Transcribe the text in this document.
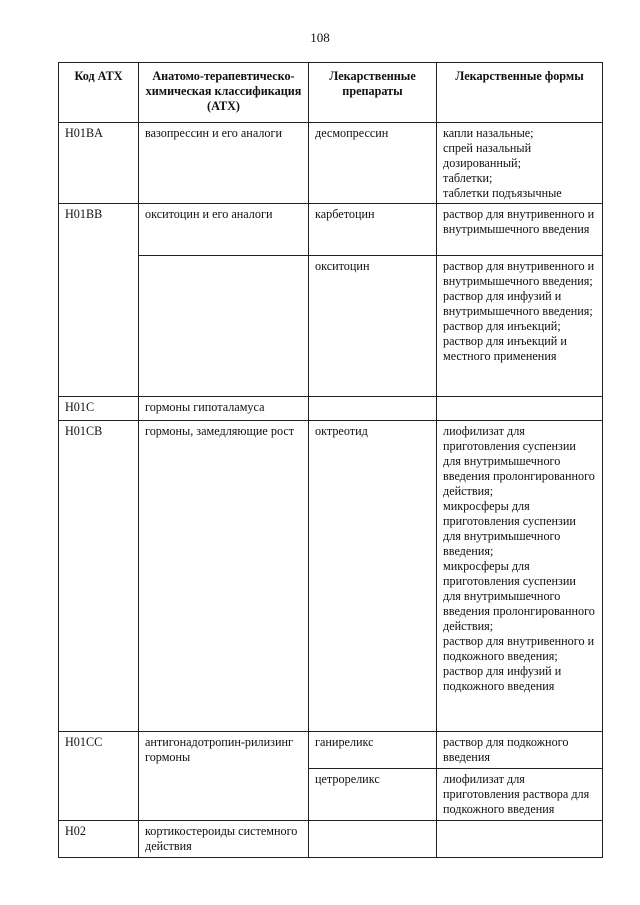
108
Код ATX	Анатомо-терапевтическо-химическая классификация (ATX)	Лекарственные препараты	Лекарственные формы
H01BA	вазопрессин и его аналоги	десмопрессин	капли назальные;
спрей назальный дозированный;
таблетки;
таблетки подъязычные
H01BB	окситоцин и его аналоги	карбетоцин	раствор для внутривенного и внутримышечного введения
		окситоцин	раствор для внутривенного и внутримышечного введения;
раствор для инфузий и внутримышечного введения;
раствор для инъекций;
раствор для инъекций и местного применения
H01C	гормоны гипоталамуса		
H01CB	гормоны, замедляющие рост	октреотид	лиофилизат для приготовления суспензии для внутримышечного введения пролонгированного действия;
микросферы для приготовления суспензии для внутримышечного введения;
микросферы для приготовления суспензии для внутримышечного введения пролонгированного действия;
раствор для внутривенного и подкожного введения;
раствор для инфузий и подкожного введения
H01CC	антигонадотропин-рилизинг гормоны	ганиреликс	раствор для подкожного введения
		цетрореликс	лиофилизат для приготовления раствора для подкожного введения
H02	кортикостероиды системного действия		
